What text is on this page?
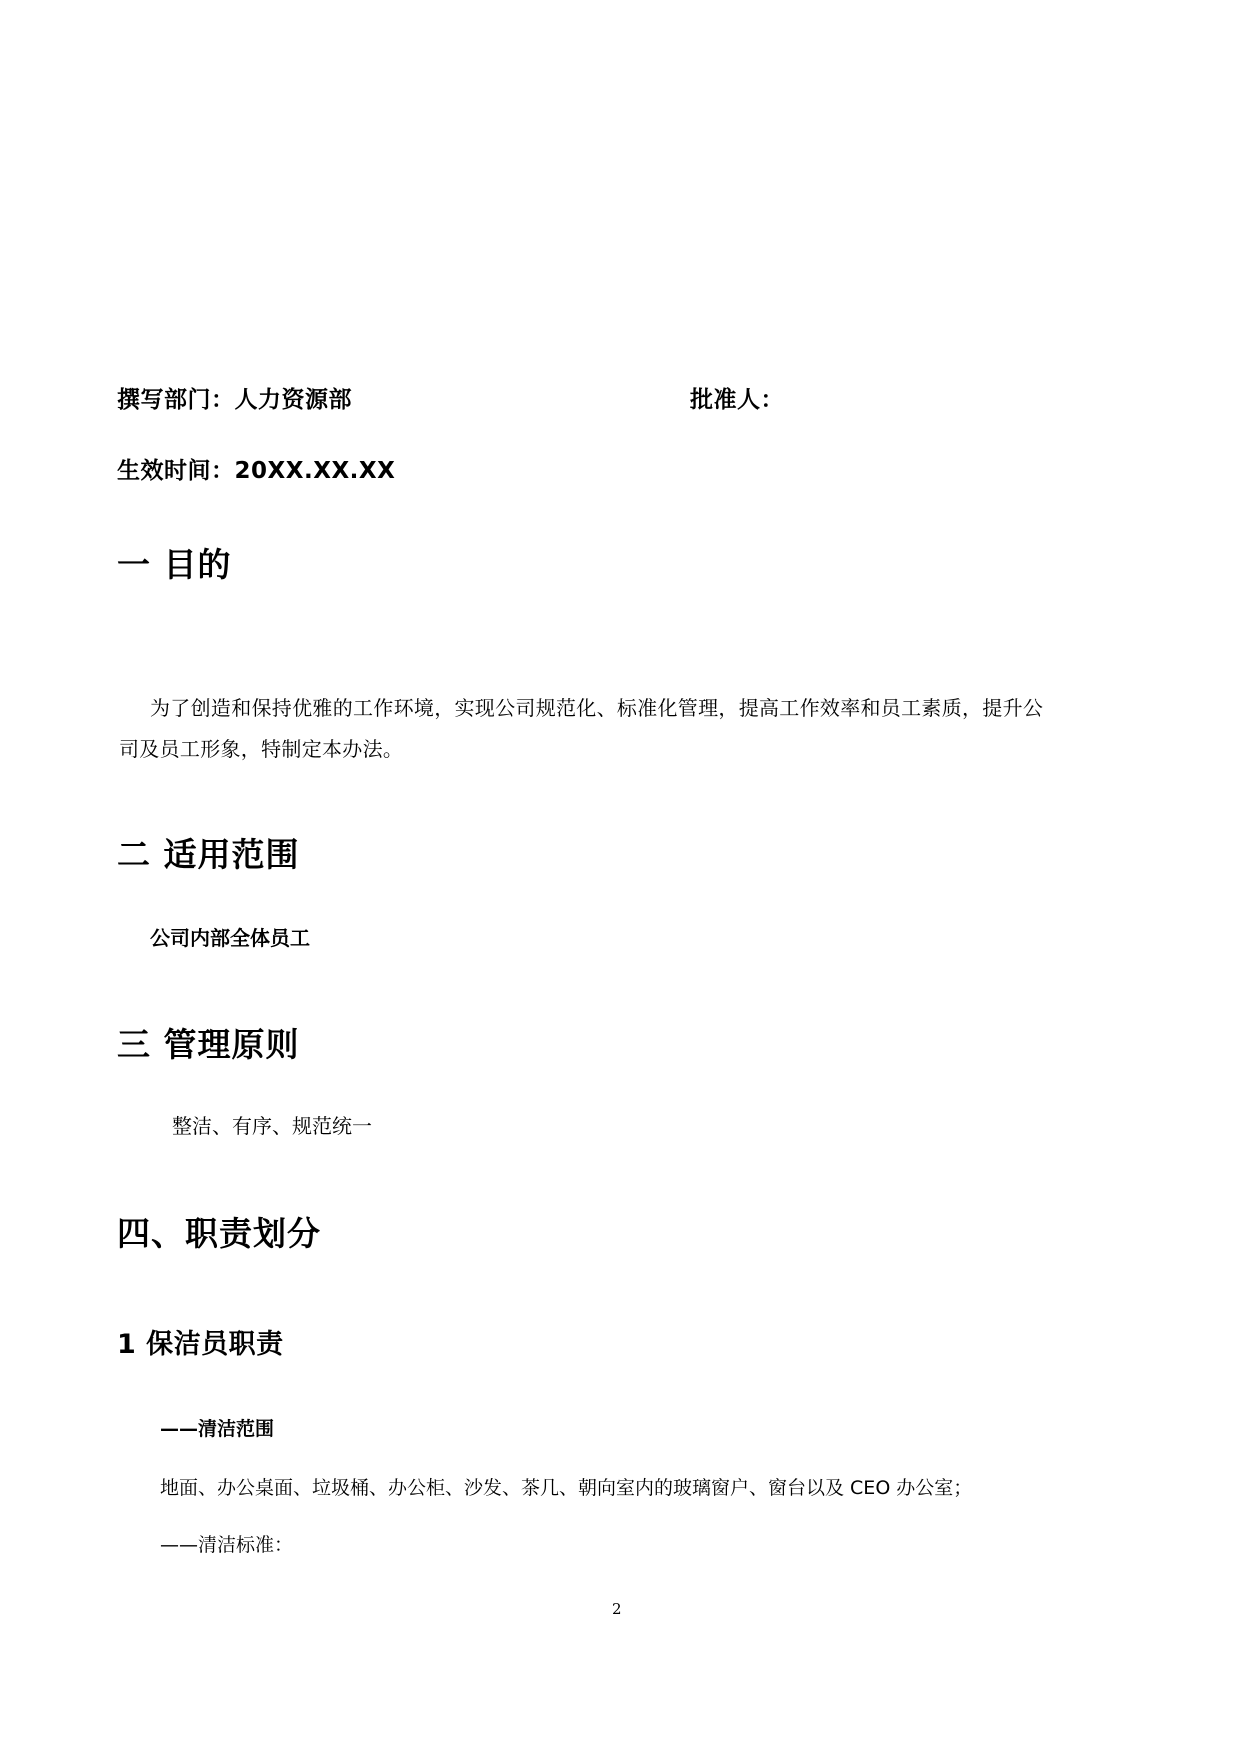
撰写部门：人力资源部	批准人：
生效时间：20XX.XX.XX
一 目的
为了创造和保持优雅的工作环境，实现公司规范化、标准化管理，提高工作效率和员工素质，提升公
司及员工形象，特制定本办法。
二 适用范围
公司内部全体员工
三 管理原则
整洁、有序、规范统一
四、职责划分
1 保洁员职责
——清洁范围
地面、办公桌面、垃圾桶、办公柜、沙发、茶几、朝向室内的玻璃窗户、窗台以及 CEO 办公室；
——清洁标准：
2
